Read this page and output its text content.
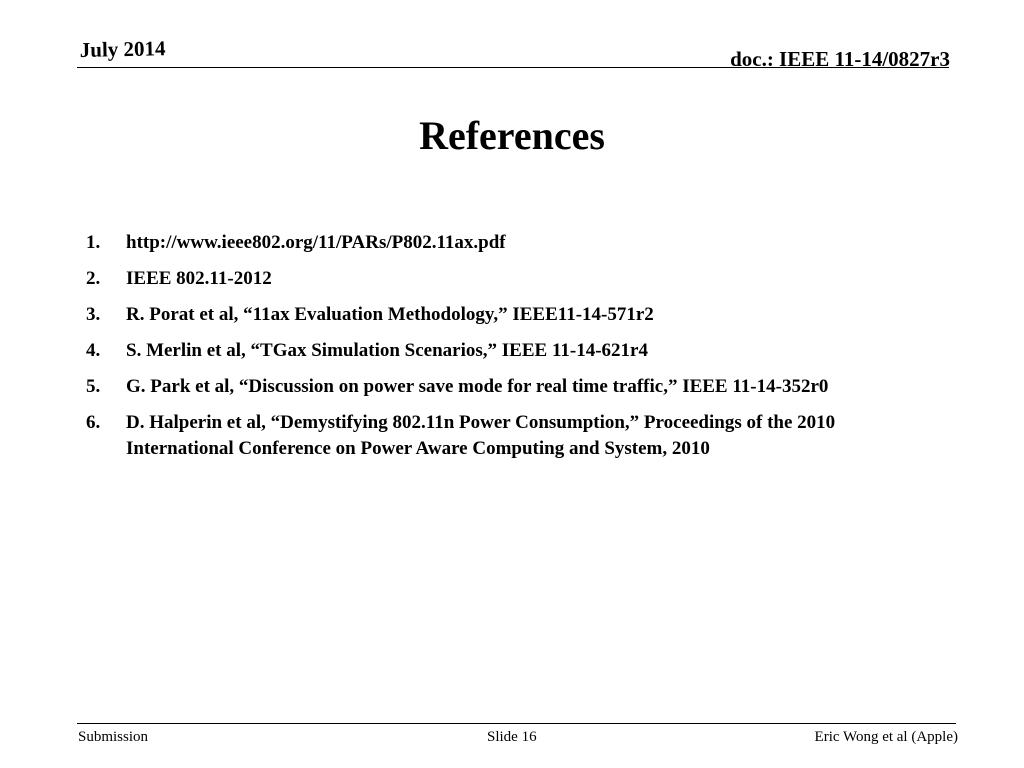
July 2014	doc.: IEEE 11-14/0827r3
References
1.	http://www.ieee802.org/11/PARs/P802.11ax.pdf
2.	IEEE 802.11-2012
3.	R. Porat et al, “11ax Evaluation Methodology,” IEEE11-14-571r2
4.	S. Merlin et al, “TGax Simulation Scenarios,” IEEE 11-14-621r4
5.	G. Park et al, “Discussion on power save mode for real time traffic,” IEEE 11-14-352r0
6.	D. Halperin et al, “Demystifying 802.11n Power Consumption,” Proceedings of the 2010 International Conference on Power Aware Computing and System, 2010
Submission	Slide 16	Eric Wong et al (Apple)
